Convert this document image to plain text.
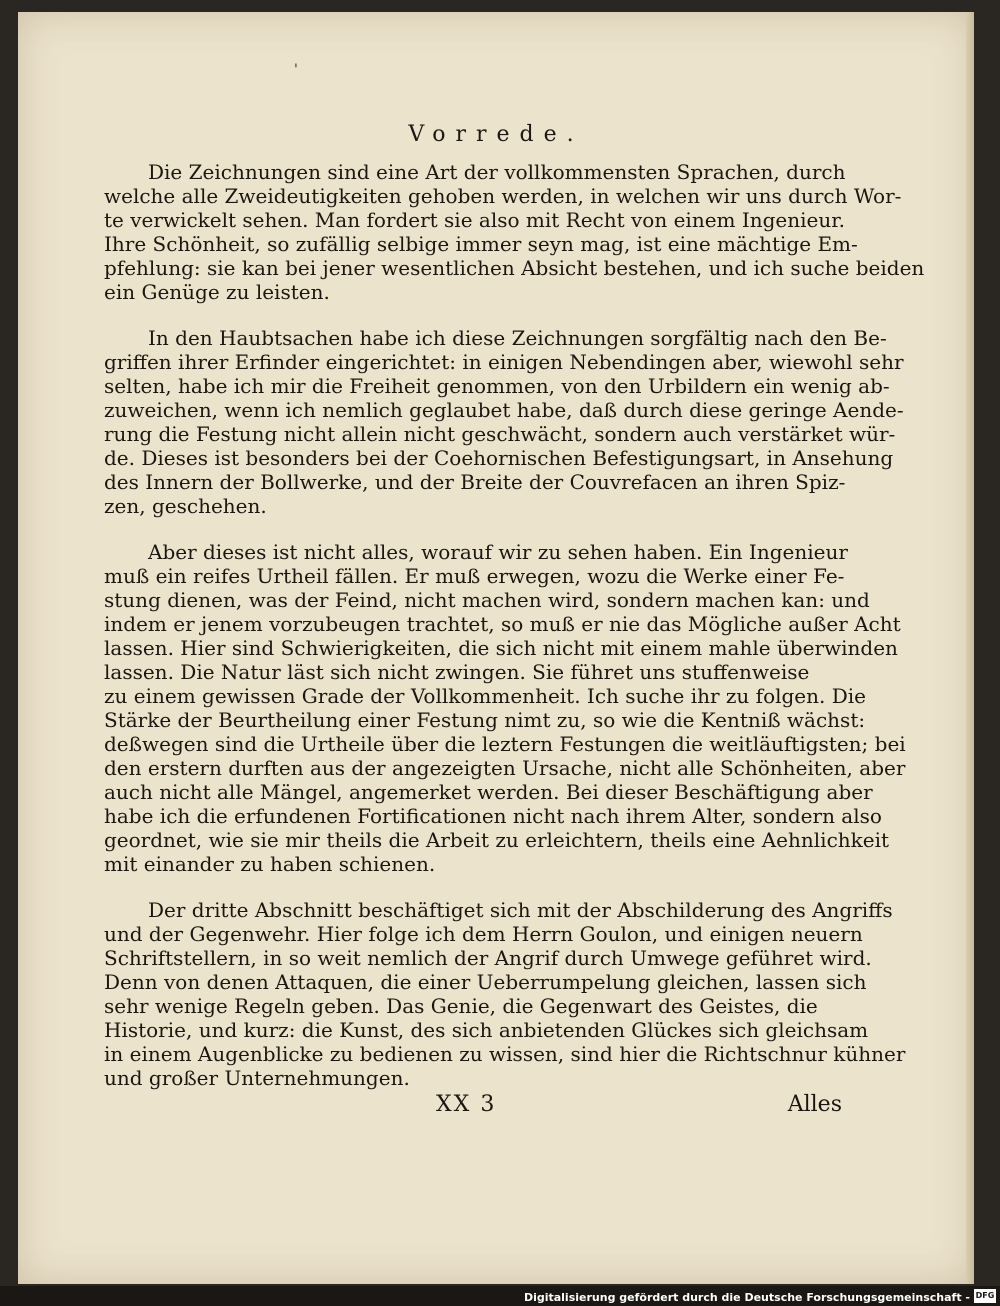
'
Vorrede.
Die Zeichnungen sind eine Art der vollkommensten Sprachen, durch
welche alle Zweideutigkeiten gehoben werden, in welchen wir uns durch Wor-
te verwickelt sehen. Man fordert sie also mit Recht von einem Ingenieur.
Ihre Schönheit, so zufällig selbige immer seyn mag, ist eine mächtige Em-
pfehlung: sie kan bei jener wesentlichen Absicht bestehen, und ich suche beiden
ein Genüge zu leisten.
In den Haubtsachen habe ich diese Zeichnungen sorgfältig nach den Be-
griffen ihrer Erfinder eingerichtet: in einigen Nebendingen aber, wiewohl sehr
selten, habe ich mir die Freiheit genommen, von den Urbildern ein wenig ab-
zuweichen, wenn ich nemlich geglaubet habe, daß durch diese geringe Aende-
rung die Festung nicht allein nicht geschwächt, sondern auch verstärket wür-
de. Dieses ist besonders bei der Coehornischen Befestigungsart, in Ansehung
des Innern der Bollwerke, und der Breite der Couvrefacen an ihren Spiz-
zen, geschehen.
Aber dieses ist nicht alles, worauf wir zu sehen haben. Ein Ingenieur
muß ein reifes Urtheil fällen. Er muß erwegen, wozu die Werke einer Fe-
stung dienen, was der Feind, nicht machen wird, sondern machen kan: und
indem er jenem vorzubeugen trachtet, so muß er nie das Mögliche außer Acht
lassen. Hier sind Schwierigkeiten, die sich nicht mit einem mahle überwinden
lassen. Die Natur läst sich nicht zwingen. Sie führet uns stuffenweise
zu einem gewissen Grade der Vollkommenheit. Ich suche ihr zu folgen. Die
Stärke der Beurtheilung einer Festung nimt zu, so wie die Kentniß wächst:
deßwegen sind die Urtheile über die leztern Festungen die weitläuftigsten; bei
den erstern durften aus der angezeigten Ursache, nicht alle Schönheiten, aber
auch nicht alle Mängel, angemerket werden. Bei dieser Beschäftigung aber
habe ich die erfundenen Fortificationen nicht nach ihrem Alter, sondern also
geordnet, wie sie mir theils die Arbeit zu erleichtern, theils eine Aehnlichkeit
mit einander zu haben schienen.
Der dritte Abschnitt beschäftiget sich mit der Abschilderung des Angriffs
und der Gegenwehr. Hier folge ich dem Herrn Goulon, und einigen neuern
Schriftstellern, in so weit nemlich der Angrif durch Umwege geführet wird.
Denn von denen Attaquen, die einer Ueberrumpelung gleichen, lassen sich
sehr wenige Regeln geben. Das Genie, die Gegenwart des Geistes, die
Historie, und kurz: die Kunst, des sich anbietenden Glückes sich gleichsam
in einem Augenblicke zu bedienen zu wissen, sind hier die Richtschnur kühner
und großer Unternehmungen.
XX 3	Alles
Digitalisierung gefördert durch die Deutsche Forschungsgemeinschaft - DFG
